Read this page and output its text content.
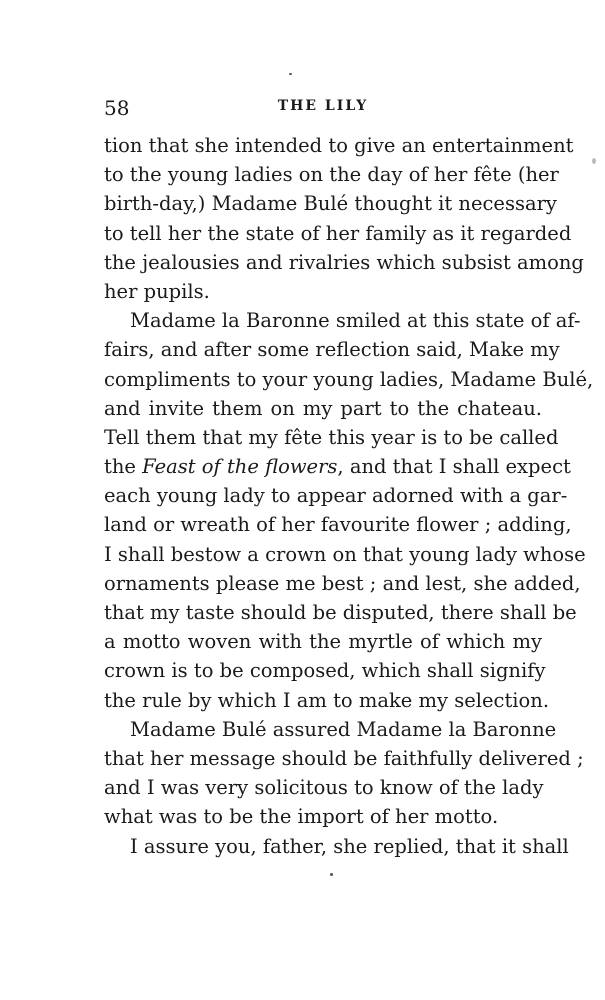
58	THE LILY
tion that she intended to give an entertainment
to the young ladies on the day of her fête (her
birth-day,) Madame Bulé thought it necessary
to tell her the state of her family as it regarded
the jealousies and rivalries which subsist among
her pupils.
Madame la Baronne smiled at this state of af-
fairs, and after some reflection said, Make my
compliments to your young ladies, Madame Bulé,
and invite them on my part to the chateau.
Tell them that my fête this year is to be called
the Feast of the flowers, and that I shall expect
each young lady to appear adorned with a gar-
land or wreath of her favourite flower ; adding,
I shall bestow a crown on that young lady whose
ornaments please me best ; and lest, she added,
that my taste should be disputed, there shall be
a motto woven with the myrtle of which my
crown is to be composed, which shall signify
the rule by which I am to make my selection.
Madame Bulé assured Madame la Baronne
that her message should be faithfully delivered ;
and I was very solicitous to know of the lady
what was to be the import of her motto.
I assure you, father, she replied, that it shall
